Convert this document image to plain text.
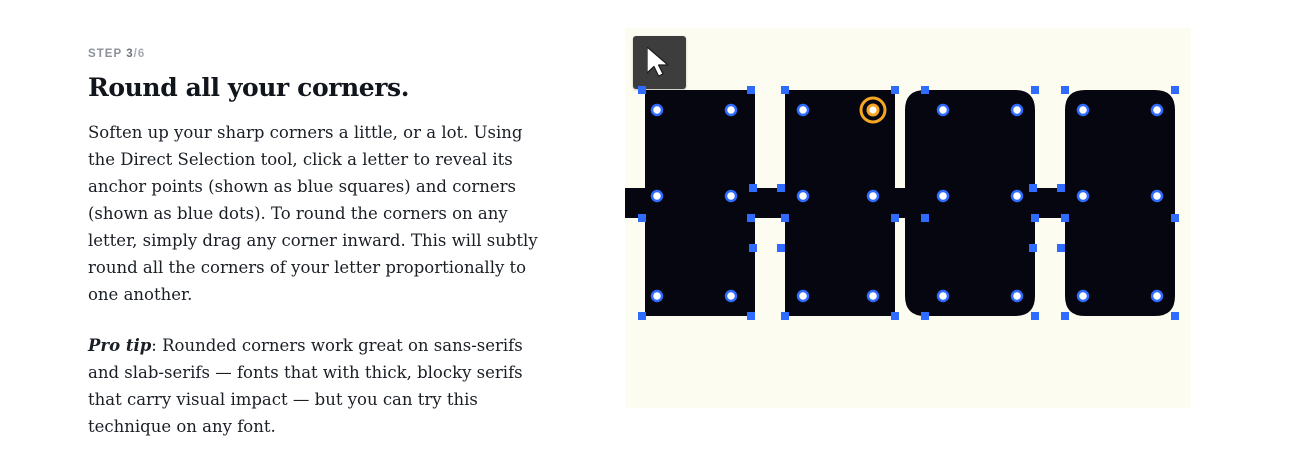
STEP 3/6
Round all your corners.

Soften up your sharp corners a little, or a lot. Using the Direct Selection tool, click a letter to reveal its anchor points (shown as blue squares) and corners (shown as blue dots). To round the corners on any letter, simply drag any corner inward. This will subtly round all the corners of your letter proportionally to one another.

Pro tip: Rounded corners work great on sans-serifs and slab-serifs — fonts that with thick, blocky serifs that carry visual impact — but you can try this technique on any font.
